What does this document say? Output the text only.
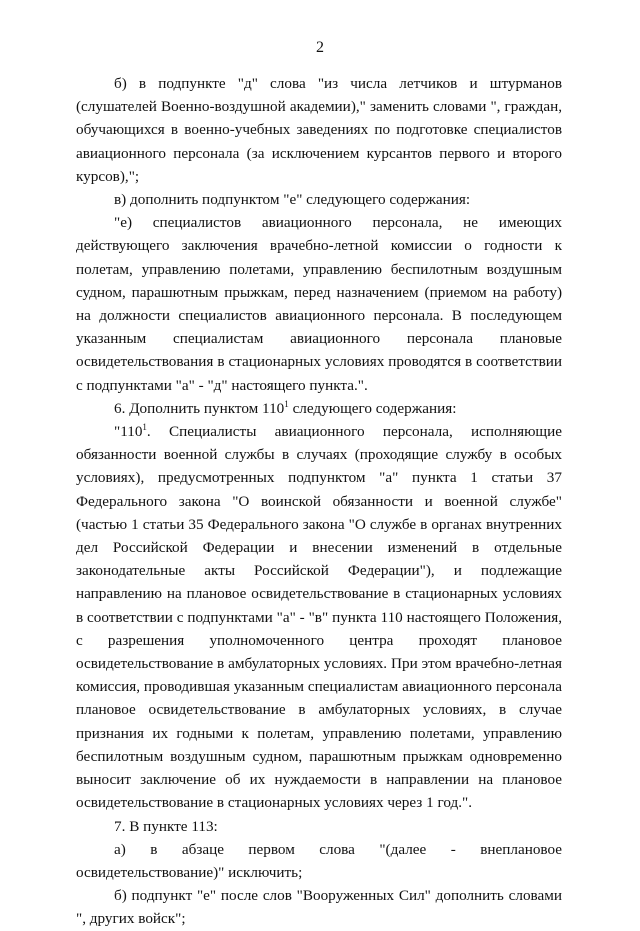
2

б) в подпункте "д" слова "из числа летчиков и штурманов (слушателей Военно-воздушной академии)," заменить словами ", граждан, обучающихся в военно-учебных заведениях по подготовке специалистов авиационного персонала (за исключением курсантов первого и второго курсов),";

в) дополнить подпунктом "е" следующего содержания:

"е) специалистов авиационного персонала, не имеющих действующего заключения врачебно-летной комиссии о годности к полетам, управлению полетами, управлению беспилотным воздушным судном, парашютным прыжкам, перед назначением (приемом на работу) на должности специалистов авиационного персонала. В последующем указанным специалистам авиационного персонала плановые освидетельствования в стационарных условиях проводятся в соответствии с подпунктами "а" - "д" настоящего пункта.".

6. Дополнить пунктом $110^1$ следующего содержания:

"$110^1$. Специалисты авиационного персонала, исполняющие обязанности военной службы в случаях (проходящие службу в особых условиях), предусмотренных подпунктом "а" пункта 1 статьи 37 Федерального закона "О воинской обязанности и военной службе" (частью 1 статьи 35 Федерального закона "О службе в органах внутренних дел Российской Федерации и внесении изменений в отдельные законодательные акты Российской Федерации"), и подлежащие направлению на плановое освидетельствование в стационарных условиях в соответствии с подпунктами "а" - "в" пункта 110 настоящего Положения, с разрешения уполномоченного центра проходят плановое освидетельствование в амбулаторных условиях. При этом врачебно-летная комиссия, проводившая указанным специалистам авиационного персонала плановое освидетельствование в амбулаторных условиях, в случае признания их годными к полетам, управлению полетами, управлению беспилотным воздушным судном, парашютным прыжкам одновременно выносит заключение об их нуждаемости в направлении на плановое освидетельствование в стационарных условиях через 1 год.".

7. В пункте 113:

а) в абзаце первом слова "(далее - внеплановое освидетельствование)" исключить;

б) подпункт "е" после слов "Вооруженных Сил" дополнить словами ", других войск";
